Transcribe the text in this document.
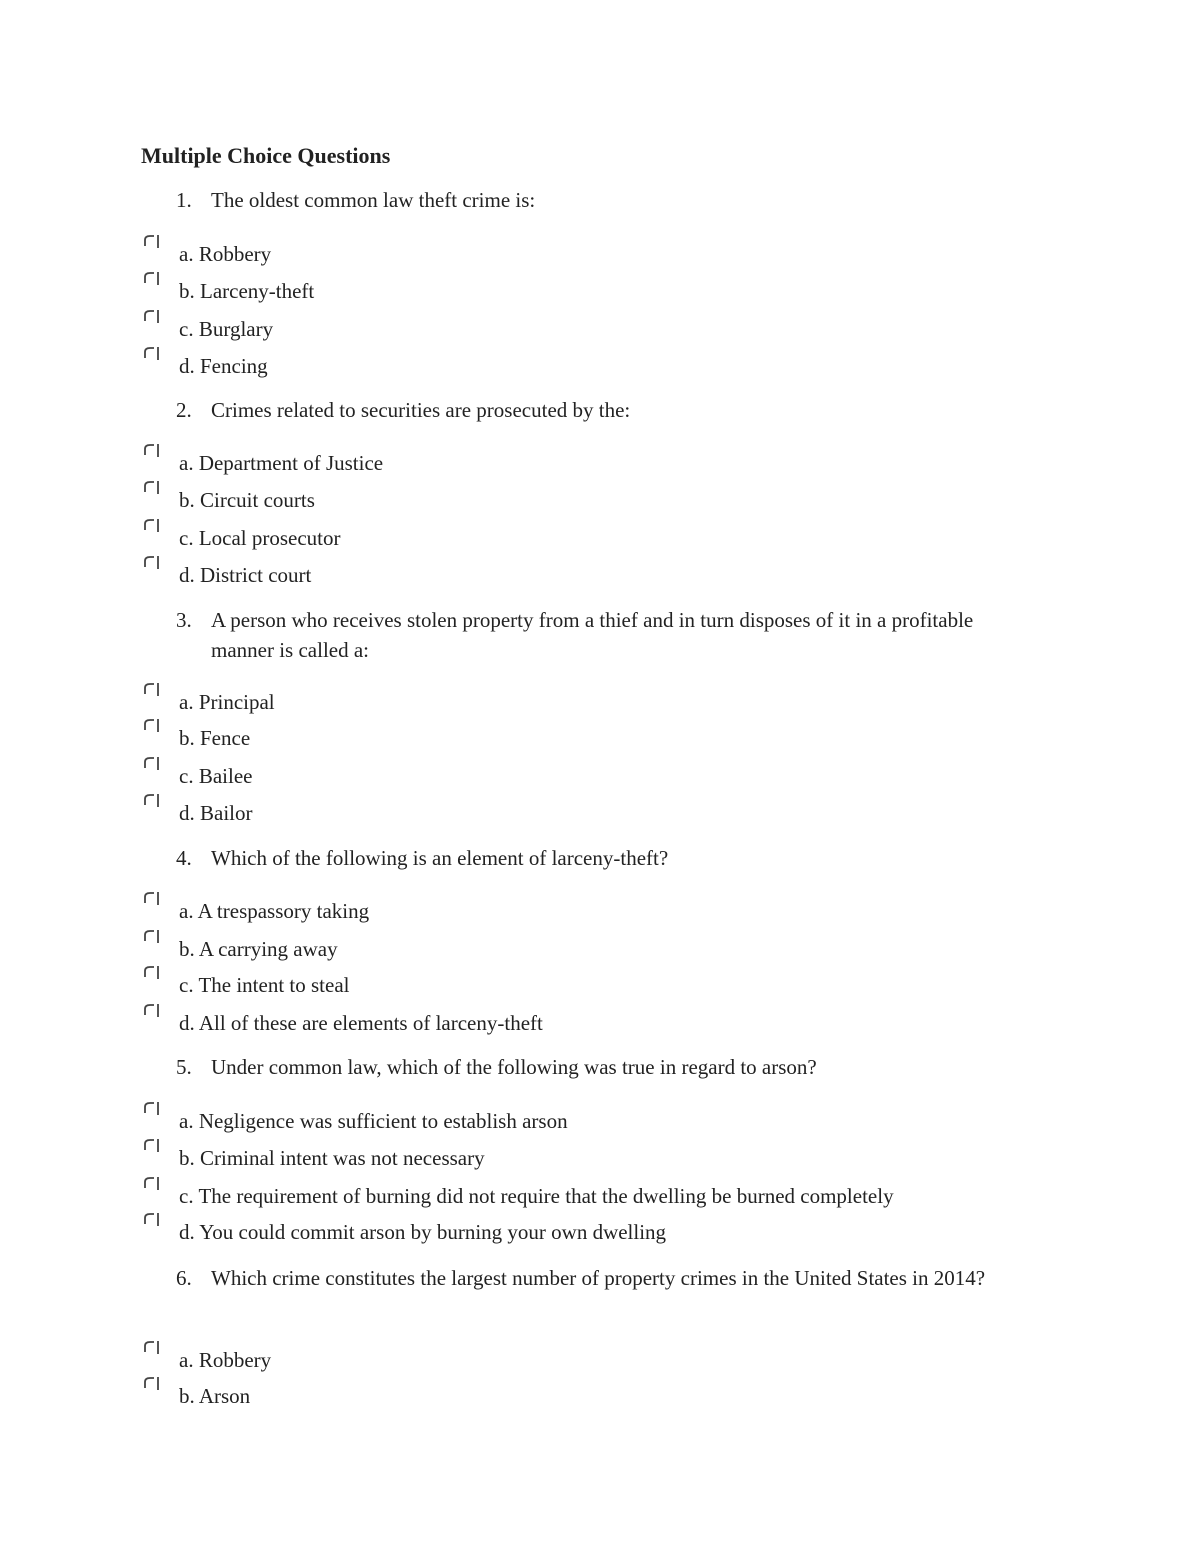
Multiple Choice Questions
1. The oldest common law theft crime is:
a. Robbery
b. Larceny-theft
c. Burglary
d. Fencing
2. Crimes related to securities are prosecuted by the:
a. Department of Justice
b. Circuit courts
c. Local prosecutor
d. District court
3. A person who receives stolen property from a thief and in turn disposes of it in a profitable manner is called a:
a. Principal
b. Fence
c. Bailee
d. Bailor
4. Which of the following is an element of larceny-theft?
a. A trespassory taking
b. A carrying away
c. The intent to steal
d. All of these are elements of larceny-theft
5. Under common law, which of the following was true in regard to arson?
a. Negligence was sufficient to establish arson
b. Criminal intent was not necessary
c. The requirement of burning did not require that the dwelling be burned completely
d. You could commit arson by burning your own dwelling
6. Which crime constitutes the largest number of property crimes in the United States in 2014?
a. Robbery
b. Arson
